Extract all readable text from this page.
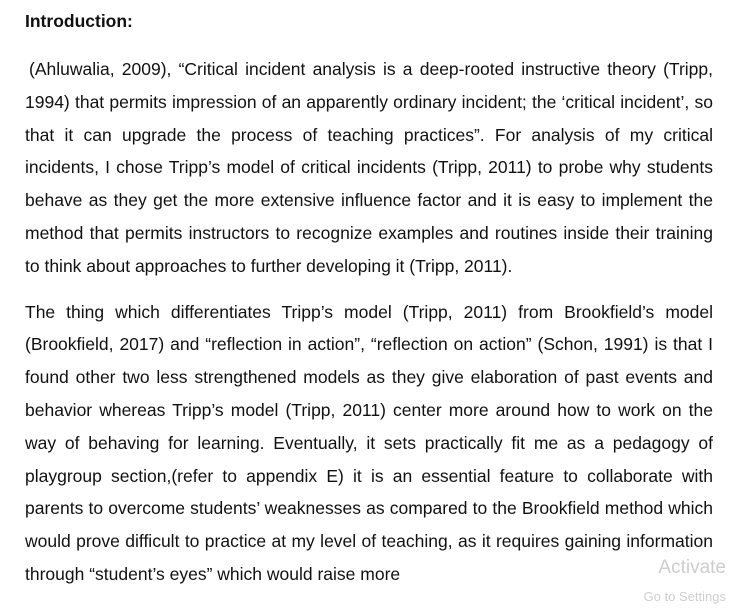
Introduction:

(Ahluwalia, 2009), “Critical incident analysis is a deep-rooted instructive theory (Tripp, 1994) that permits impression of an apparently ordinary incident; the ‘critical incident’, so that it can upgrade the process of teaching practices”. For analysis of my critical incidents, I chose Tripp’s model of critical incidents (Tripp, 2011) to probe why students behave as they get the more extensive influence factor and it is easy to implement the method that permits instructors to recognize examples and routines inside their training to think about approaches to further developing it (Tripp, 2011).

The thing which differentiates Tripp’s model (Tripp, 2011) from Brookfield’s model (Brookfield, 2017) and “reflection in action”, “reflection on action” (Schon, 1991) is that I found other two less strengthened models as they give elaboration of past events and behavior whereas Tripp’s model (Tripp, 2011) center more around how to work on the way of behaving for learning. Eventually, it sets practically fit me as a pedagogy of playgroup section,(refer to appendix E) it is an essential feature to collaborate with parents to overcome students’ weaknesses as compared to the Brookfield method which would prove difficult to practice at my level of teaching, as it requires gaining information through “student’s eyes” which would raise more	Activate
Go to Settings
